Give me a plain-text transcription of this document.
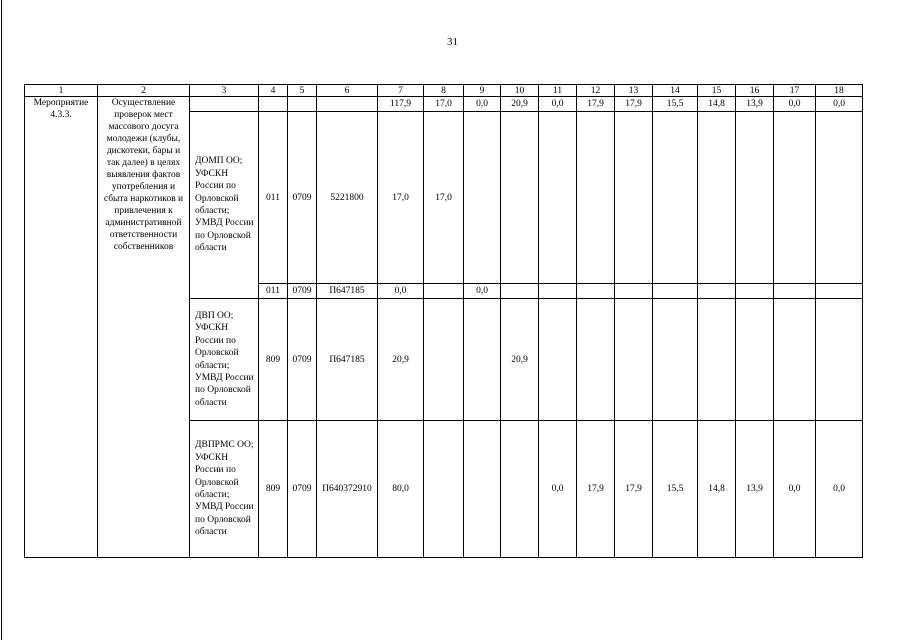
31
1	2	3	4	5	6	7	8	9	10	11	12	13	14	15	16	17	18
Мероприятие 4.3.3.	Осуществление проверок мест массового досуга молодежи (клубы, дискотеки, бары и так далее) в целях выявления фактов употребления и сбыта наркотиков и привлечения к административной ответственности собственников					117,9	17,0	0,0	20,9	0,0	17,9	17,9	15,5	14,8	13,9	0,0	0,0
		ДОМП ОО; УФСКН России по Орловской области; УМВД России по Орловской области	011	0709	5221800	17,0	17,0										
			011	0709	П647185	0,0		0,0									
		ДВП ОО; УФСКН России по Орловской области; УМВД России по Орловской области	809	0709	П647185	20,9			20,9								
		ДВПРМС ОО; УФСКН России по Орловской области; УМВД России по Орловской области	809	0709	П640372910	80,0				0,0	17,9	17,9	15,5	14,8	13,9	0,0	0,0
